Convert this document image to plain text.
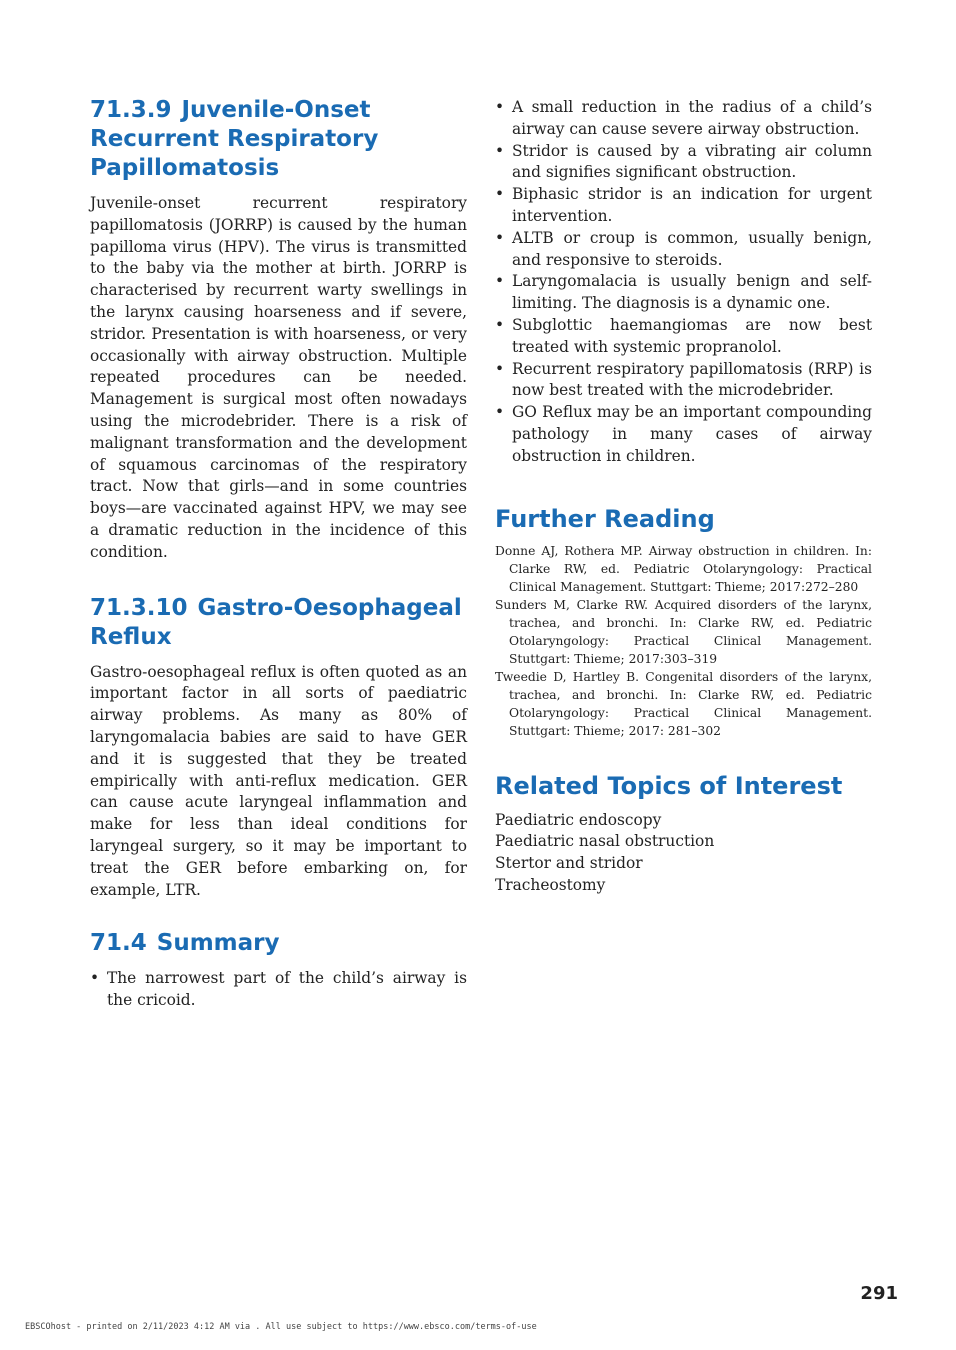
71.3.9 Juvenile-Onset Recurrent Respiratory Papillomatosis

Juvenile-onset recurrent respiratory papillomatosis (JORRP) is caused by the human papilloma virus (HPV). The virus is transmitted to the baby via the mother at birth. JORRP is characterised by recurrent warty swellings in the larynx causing hoarseness and if severe, stridor. Presentation is with hoarseness, or very occasionally with airway obstruction. Multiple repeated procedures can be needed. Management is surgical most often nowadays using the microdebrider. There is a risk of malignant transformation and the development of squamous carcinomas of the respiratory tract. Now that girls—and in some countries boys—are vaccinated against HPV, we may see a dramatic reduction in the incidence of this condition.

71.3.10 Gastro-Oesophageal Reflux

Gastro-oesophageal reflux is often quoted as an important factor in all sorts of paediatric airway problems. As many as 80% of laryngomalacia babies are said to have GER and it is suggested that they be treated empirically with anti-reflux medication. GER can cause acute laryngeal inflammation and make for less than ideal conditions for laryngeal surgery, so it may be important to treat the GER before embarking on, for example, LTR.

71.4 Summary
• The narrowest part of the child’s airway is the cricoid.
• A small reduction in the radius of a child’s airway can cause severe airway obstruction.
• Stridor is caused by a vibrating air column and signifies significant obstruction.
• Biphasic stridor is an indication for urgent intervention.
• ALTB or croup is common, usually benign, and responsive to steroids.
• Laryngomalacia is usually benign and self-limiting. The diagnosis is a dynamic one.
• Subglottic haemangiomas are now best treated with systemic propranolol.
• Recurrent respiratory papillomatosis (RRP) is now best treated with the microdebrider.
• GO Reflux may be an important compounding pathology in many cases of airway obstruction in children.
Further Reading
Donne AJ, Rothera MP. Airway obstruction in children. In: Clarke RW, ed. Pediatric Otolaryngology: Practical Clinical Management. Stuttgart: Thieme; 2017:272–280
Sunders M, Clarke RW. Acquired disorders of the larynx, trachea, and bronchi. In: Clarke RW, ed. Pediatric Otolaryngology: Practical Clinical Management. Stuttgart: Thieme; 2017:303–319
Tweedie D, Hartley B. Congenital disorders of the larynx, trachea, and bronchi. In: Clarke RW, ed. Pediatric Otolaryngology: Practical Clinical Management. Stuttgart: Thieme; 2017: 281–302
Related Topics of Interest
Paediatric endoscopy
Paediatric nasal obstruction
Stertor and stridor
Tracheostomy
291
EBSCOhost - printed on 2/11/2023 4:12 AM via . All use subject to https://www.ebsco.com/terms-of-use
